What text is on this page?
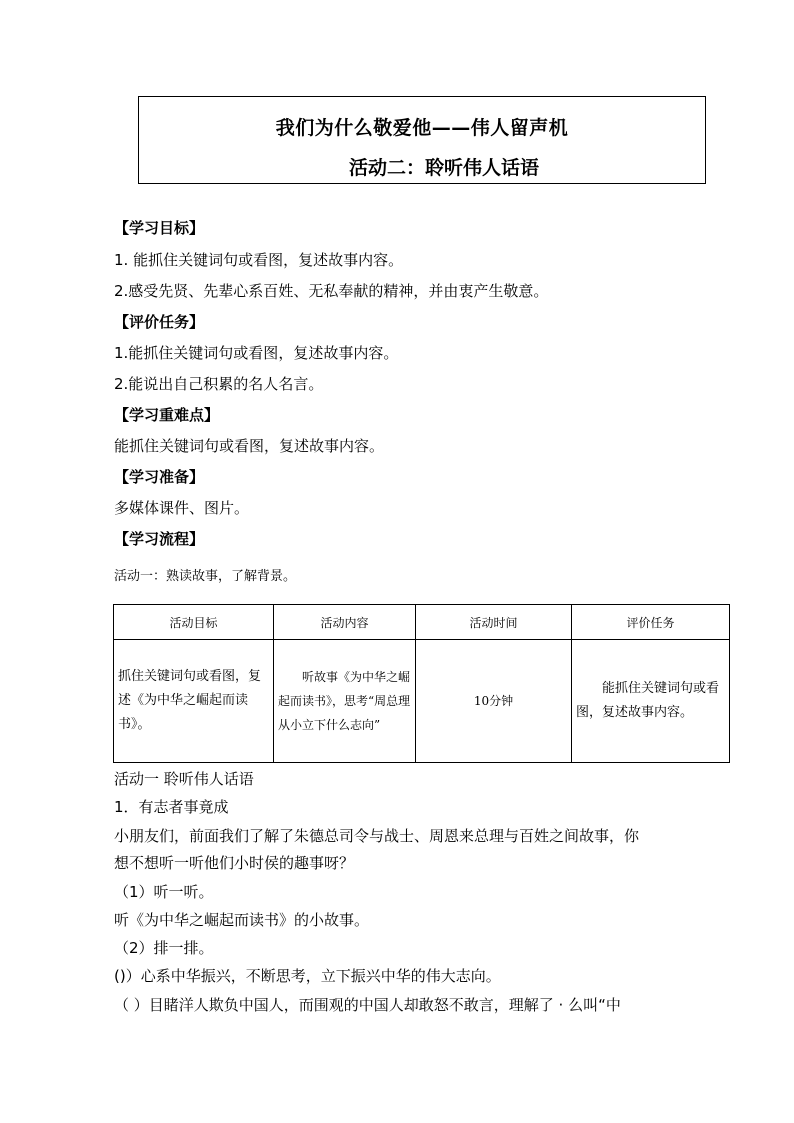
我们为什么敬爱他——伟人留声机
活动二：聆听伟人话语
【学习目标】
1. 能抓住关键词句或看图，复述故事内容。
2.感受先贤、先辈心系百姓、无私奉献的精神，并由衷产生敬意。
【评价任务】
1.能抓住关键词句或看图，复述故事内容。
2.能说出自己积累的名人名言。
【学习重难点】
能抓住关键词句或看图，复述故事内容。
【学习准备】
多媒体课件、图片。
【学习流程】
活动一：熟读故事，了解背景。
活动目标	活动内容	活动时间	评价任务
抓住关键词句或看图，复述《为中华之崛起而读书》。	听故事《为中华之崛起而读书》，思考“周总理从小立下什么志向”	10分钟	能抓住关键词句或看图，复述故事内容。
活动一 聆听伟人话语
1．有志者事竟成
小朋友们，前面我们了解了朱德总司令与战士、周恩来总理与百姓之间故事，你
想不想听一听他们小时侯的趣事呀？
（1）听一听。
听《为中华之崛起而读书》的小故事。
（2）排一排。
()）心系中华振兴，不断思考，立下振兴中华的伟大志向。
（ ）目睹洋人欺负中国人，而围观的中国人却敢怒不敢言，理解了 · 么叫“中
